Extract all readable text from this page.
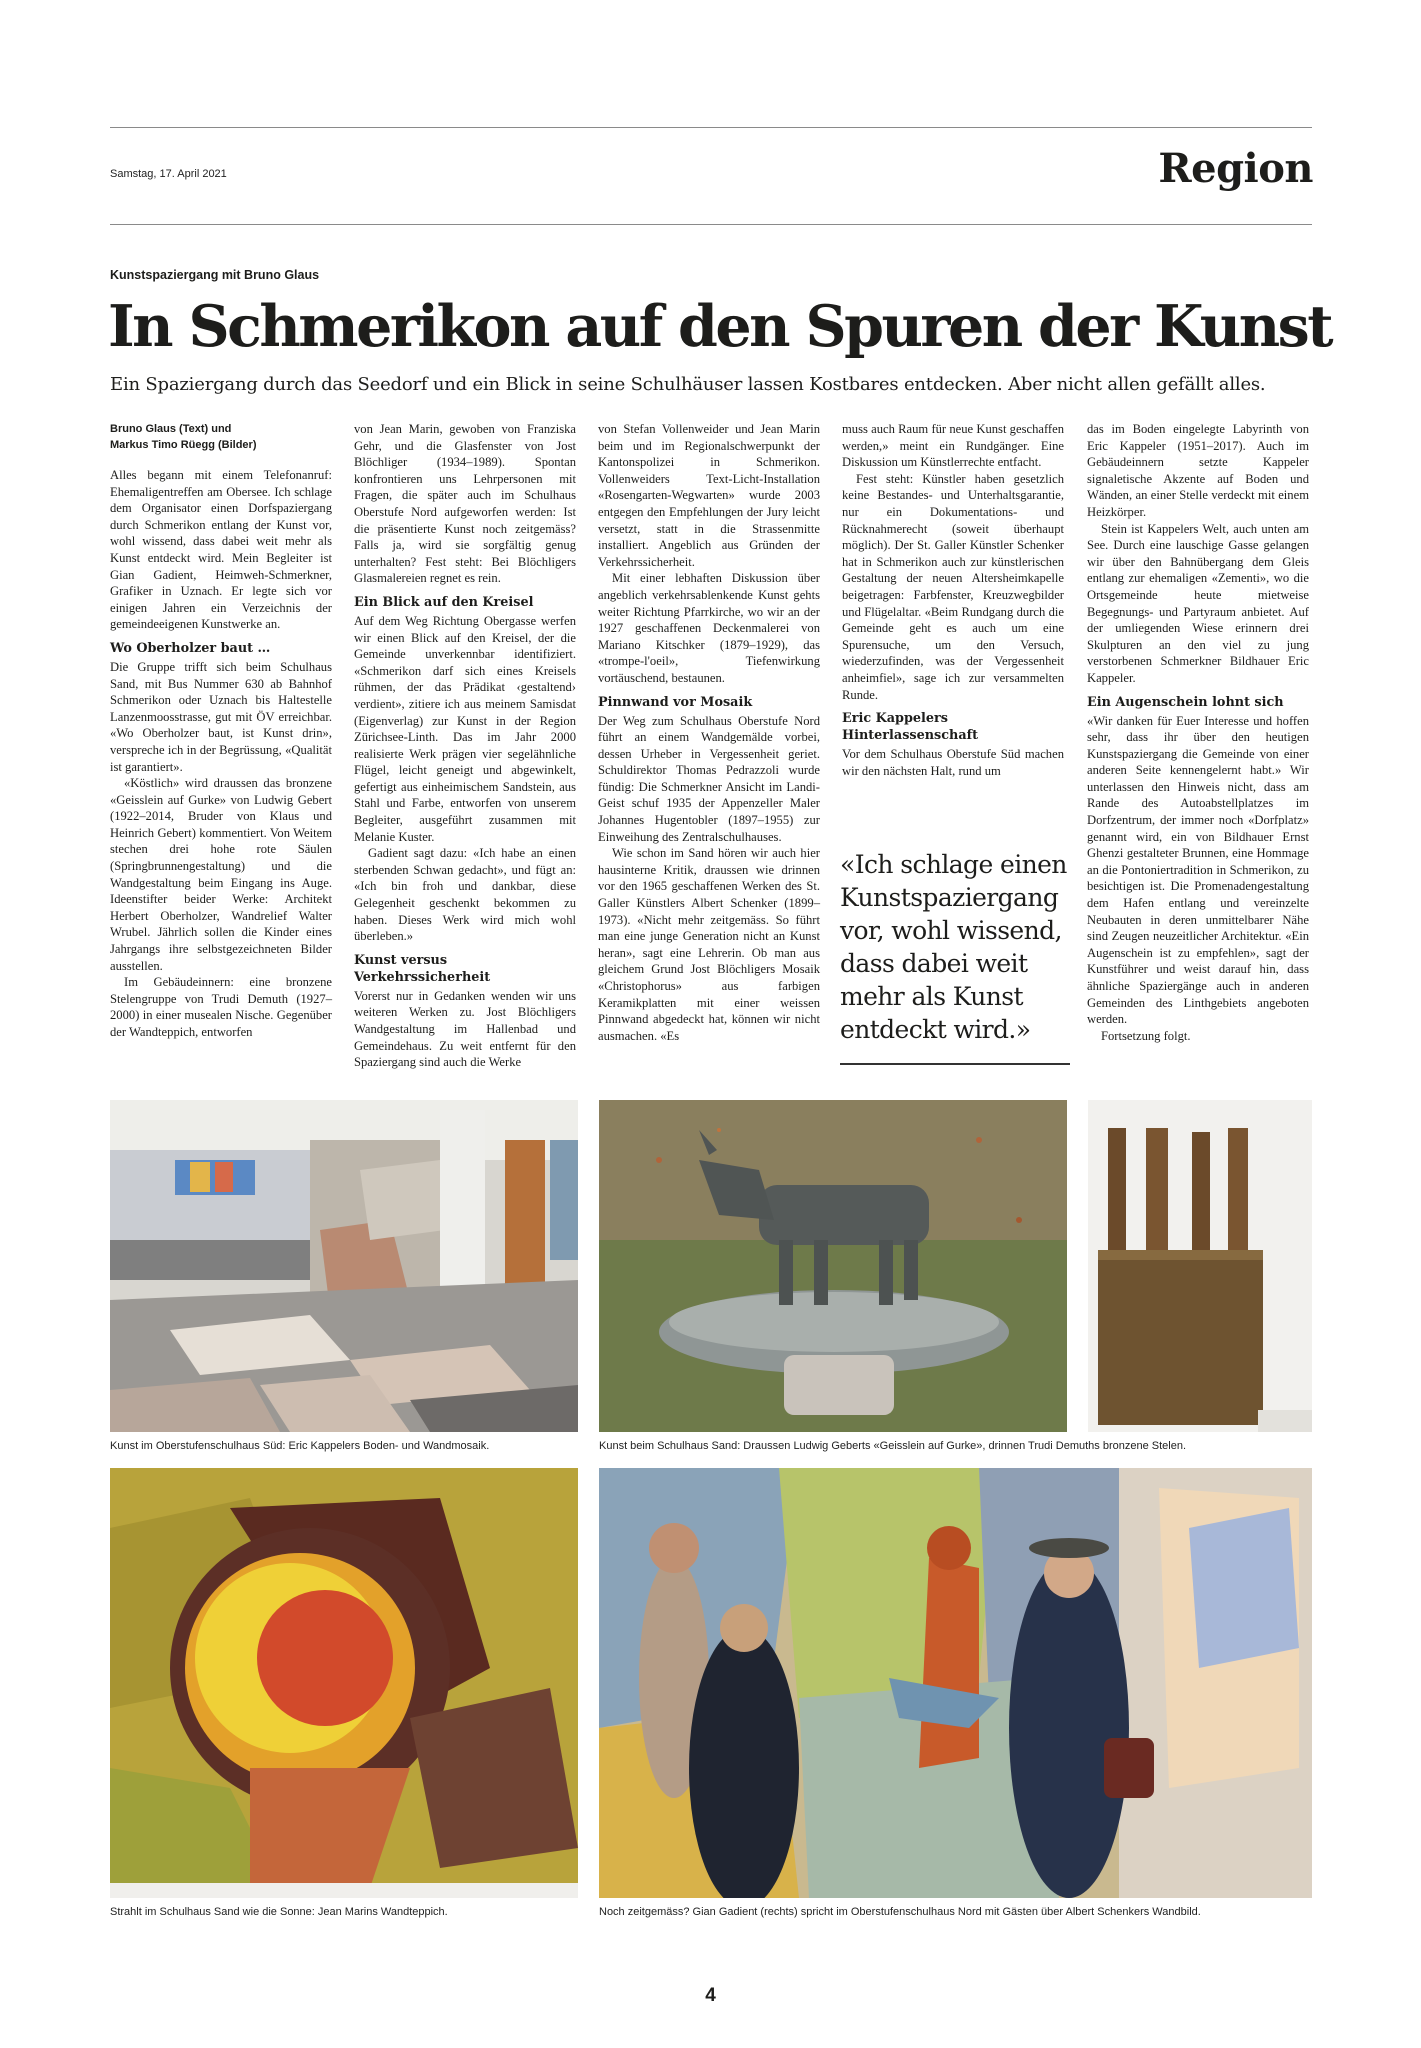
Samstag, 17. April 2021	Region
Kunstspaziergang mit Bruno Glaus
In Schmerikon auf den Spuren der Kunst
Ein Spaziergang durch das Seedorf und ein Blick in seine Schulhäuser lassen Kostbares entdecken. Aber nicht allen gefällt alles.
Bruno Glaus (Text) und
Markus Timo Rüegg (Bilder)

Alles begann mit einem Telefonanruf: Ehemaligentreffen am Obersee. Ich schlage dem Organisator einen Dorfspaziergang durch Schmerikon entlang der Kunst vor, wohl wissend, dass dabei weit mehr als Kunst entdeckt wird. Mein Begleiter ist Gian Gadient, Heimweh-Schmerkner, Grafiker in Uznach. Er legte sich vor einigen Jahren ein Verzeichnis der gemeindeeigenen Kunstwerke an.

Wo Oberholzer baut …

Die Gruppe trifft sich beim Schulhaus Sand, mit Bus Nummer 630 ab Bahnhof Schmerikon oder Uznach bis Haltestelle Lanzenmoosstrasse, gut mit ÖV erreichbar. «Wo Oberholzer baut, ist Kunst drin», verspreche ich in der Begrüssung, «Qualität ist garantiert».

«Köstlich» wird draussen das bronzene «Geisslein auf Gurke» von Ludwig Gebert (1922–2014, Bruder von Klaus und Heinrich Gebert) kommentiert. Von Weitem stechen drei hohe rote Säulen (Springbrunnengestaltung) und die Wandgestaltung beim Eingang ins Auge. Ideenstifter beider Werke: Architekt Herbert Oberholzer, Wandrelief Walter Wrubel. Jährlich sollen die Kinder eines Jahrgangs ihre selbstgezeichneten Bilder ausstellen.

Im Gebäudeinnern: eine bronzene Stelengruppe von Trudi Demuth (1927–2000) in einer musealen Nische. Gegenüber der Wandteppich, entworfen

von Jean Marin, gewoben von Franziska Gehr, und die Glasfenster von Jost Blöchliger (1934–1989). Spontan konfrontieren uns Lehrpersonen mit Fragen, die später auch im Schulhaus Oberstufe Nord aufgeworfen werden: Ist die präsentierte Kunst noch zeitgemäss? Falls ja, wird sie sorgfältig genug unterhalten? Fest steht: Bei Blöchligers Glasmalereien regnet es rein.

Ein Blick auf den Kreisel

Auf dem Weg Richtung Obergasse werfen wir einen Blick auf den Kreisel, der die Gemeinde unverkennbar identifiziert. «Schmerikon darf sich eines Kreisels rühmen, der das Prädikat ‹gestaltend› verdient», zitiere ich aus meinem Samisdat (Eigenverlag) zur Kunst in der Region Zürichsee-Linth. Das im Jahr 2000 realisierte Werk prägen vier segelähnliche Flügel, leicht geneigt und abgewinkelt, gefertigt aus einheimischem Sandstein, aus Stahl und Farbe, entworfen von unserem Begleiter, ausgeführt zusammen mit Melanie Kuster.

Gadient sagt dazu: «Ich habe an einen sterbenden Schwan gedacht», und fügt an: «Ich bin froh und dankbar, diese Gelegenheit geschenkt bekommen zu haben. Dieses Werk wird mich wohl überleben.»

Kunst versus Verkehrssicherheit

Vorerst nur in Gedanken wenden wir uns weiteren Werken zu. Jost Blöchligers Wandgestaltung im Hallenbad und Gemeindehaus. Zu weit entfernt für den Spaziergang sind auch die Werke

von Stefan Vollenweider und Jean Marin beim und im Regionalschwerpunkt der Kantonspolizei in Schmerikon. Vollenweiders Text-Licht-Installation «Rosengarten-Wegwarten» wurde 2003 entgegen den Empfehlungen der Jury leicht versetzt, statt in die Strassenmitte installiert. Angeblich aus Gründen der Verkehrssicherheit.

Mit einer lebhaften Diskussion über angeblich verkehrsablenkende Kunst gehts weiter Richtung Pfarrkirche, wo wir an der 1927 geschaffenen Deckenmalerei von Mariano Kitschker (1879–1929), das «trompe-l'oeil», Tiefenwirkung vortäuschend, bestaunen.

Pinnwand vor Mosaik

Der Weg zum Schulhaus Oberstufe Nord führt an einem Wandgemälde vorbei, dessen Urheber in Vergessenheit geriet. Schuldirektor Thomas Pedrazzoli wurde fündig: Die Schmerkner Ansicht im Landi-Geist schuf 1935 der Appenzeller Maler Johannes Hugentobler (1897–1955) zur Einweihung des Zentralschulhauses.

Wie schon im Sand hören wir auch hier hausinterne Kritik, draussen wie drinnen vor den 1965 geschaffenen Werken des St. Galler Künstlers Albert Schenker (1899–1973). «Nicht mehr zeitgemäss. So führt man eine junge Generation nicht an Kunst heran», sagt eine Lehrerin. Ob man aus gleichem Grund Jost Blöchligers Mosaik «Christophorus» aus farbigen Keramikplatten mit einer weissen Pinnwand abgedeckt hat, können wir nicht ausmachen. «Es

muss auch Raum für neue Kunst geschaffen werden,» meint ein Rundgänger. Eine Diskussion um Künstlerrechte entfacht.

Fest steht: Künstler haben gesetzlich keine Bestandes- und Unterhaltsgarantie, nur ein Dokumentations- und Rücknahmerecht (soweit überhaupt möglich). Der St. Galler Künstler Schenker hat in Schmerikon auch zur künstlerischen Gestaltung der neuen Altersheimkapelle beigetragen: Farbfenster, Kreuzwegbilder und Flügelaltar. «Beim Rundgang durch die Gemeinde geht es auch um eine Spurensuche, um den Versuch, wiederzufinden, was der Vergessenheit anheimfiel», sage ich zur versammelten Runde.

Eric Kappelers Hinterlassenschaft

Vor dem Schulhaus Oberstufe Süd machen wir den nächsten Halt, rund um

«Ich schlage einen Kunstspaziergang vor, wohl wissend, dass dabei weit mehr als Kunst entdeckt wird.»

das im Boden eingelegte Labyrinth von Eric Kappeler (1951–2017). Auch im Gebäudeinnern setzte Kappeler signaletische Akzente auf Boden und Wänden, an einer Stelle verdeckt mit einem Heizkörper.

Stein ist Kappelers Welt, auch unten am See. Durch eine lauschige Gasse gelangen wir über den Bahnübergang dem Gleis entlang zur ehemaligen «Zementi», wo die Ortsgemeinde heute mietweise Begegnungs- und Partyraum anbietet. Auf der umliegenden Wiese erinnern drei Skulpturen an den viel zu jung verstorbenen Schmerkner Bildhauer Eric Kappeler.

Ein Augenschein lohnt sich

«Wir danken für Euer Interesse und hoffen sehr, dass ihr über den heutigen Kunstspaziergang die Gemeinde von einer anderen Seite kennengelernt habt.» Wir unterlassen den Hinweis nicht, dass am Rande des Autoabstellplatzes im Dorfzentrum, der immer noch «Dorfplatz» genannt wird, ein von Bildhauer Ernst Ghenzi gestalteter Brunnen, eine Hommage an die Pontoniertradition in Schmerikon, zu besichtigen ist. Die Promenadengestaltung dem Hafen entlang und vereinzelte Neubauten in deren unmittelbarer Nähe sind Zeugen neuzeitlicher Architektur. «Ein Augenschein ist zu empfehlen», sagt der Kunstführer und weist darauf hin, dass ähnliche Spaziergänge auch in anderen Gemeinden des Linthgebiets angeboten werden.

Fortsetzung folgt.

Kunst im Oberstufenschulhaus Süd: Eric Kappelers Boden- und Wandmosaik.	Kunst beim Schulhaus Sand: Draussen Ludwig Geberts «Geisslein auf Gurke», drinnen Trudi Demuths bronzene Stelen.
Strahlt im Schulhaus Sand wie die Sonne: Jean Marins Wandteppich.	Noch zeitgemäss? Gian Gadient (rechts) spricht im Oberstufenschulhaus Nord mit Gästen über Albert Schenkers Wandbild.
4
